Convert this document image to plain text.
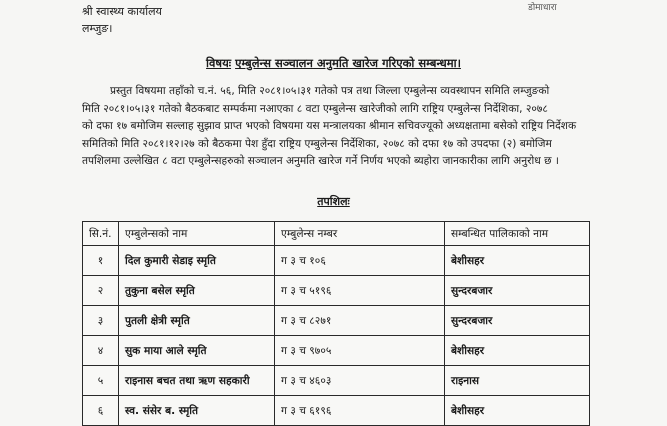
डोमाधारा
श्री स्वास्थ्य कार्यालय
लम्जुङ।
विषयः एम्बुलेन्स सञ्चालन अनुमति खारेज गरिएको सम्बन्धमा।
प्रस्तुत विषयमा तहाँको च.नं. ५६, मिति २०८१।०५।३१ गतेको पत्र तथा जिल्ला एम्बुलेन्स व्यवस्थापन समिति लम्जुङको
मिति २०८१।०५।३१ गतेको बैठकबाट सम्पर्कमा नआएका ८ वटा एम्बुलेन्स खारेजीको लागि राष्ट्रिय एम्बुलेन्स निर्देशिका, २०७८
को दफा १७ बमोजिम सल्लाह सुझाव प्राप्त भएको विषयमा यस मन्त्रालयका श्रीमान सचिवज्यूको अध्यक्षतामा बसेको राष्ट्रिय निर्देशक
समितिको मिति २०८१।१२।२७ को बैठकमा पेश हुँदा राष्ट्रिय एम्बुलेन्स निर्देशिका, २०७८ को दफा १७ को उपदफा (२) बमोजिम
तपशिलमा उल्लेखित ८ वटा एम्बुलेन्सहरुको सञ्चालन अनुमति खारेज गर्ने निर्णय भएको ब्यहोरा जानकारीका लागि अनुरोध छ ।
तपशिलः
सि.नं.	एम्बुलेन्सको नाम	एम्बुलेन्स नम्बर	सम्बन्धित पालिकाको नाम
१	दिल कुमारी सेडाइ स्मृति	ग ३ च १०६	बेशीसहर
२	तुकुना बसेल स्मृति	ग ३ च ५१९६	सुन्दरबजार
३	पुतली क्षेत्री स्मृति	ग ३ च ८२७१	सुन्दरबजार
४	सुक माया आले स्मृति	ग ३ च ९७०५	बेशीसहर
५	राइनास बचत तथा ऋण सहकारी	ग ३ च ४६०३	राइनास
६	स्व. संसेर ब. स्मृति	ग ३ च ६१९६	बेशीसहर
